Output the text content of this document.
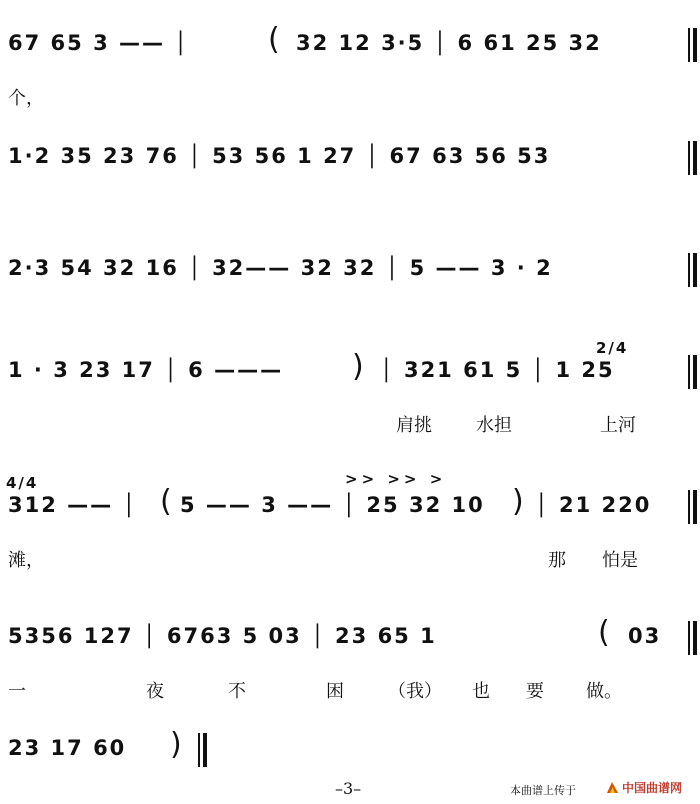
67 65 3 —— │	( 32 12 3·5 │ 6 61 25 32
个，
1·2 35 23 76 │ 53 56 1 27 │ 67 63 56 53
2·3 54 32 16 │ 32—— 32 32 │ 5 —— 3 · 2
1 · 3 23 17 │ 6 ——— ) │ 321 61 5 │ 1 25
2/4
肩挑 水担	上河
4/4
312 —— │ ( 5 —— 3 —— │ 25 32 10 ) │ 21 220
>> >> >
滩，	那 怕是
5356 127 │ 6763 5 03 │ 23 65 1	( 03
一	夜	不	困 （我） 也 要 做。
23 17 60 )
–3–	本曲谱上传于	中国曲谱网
